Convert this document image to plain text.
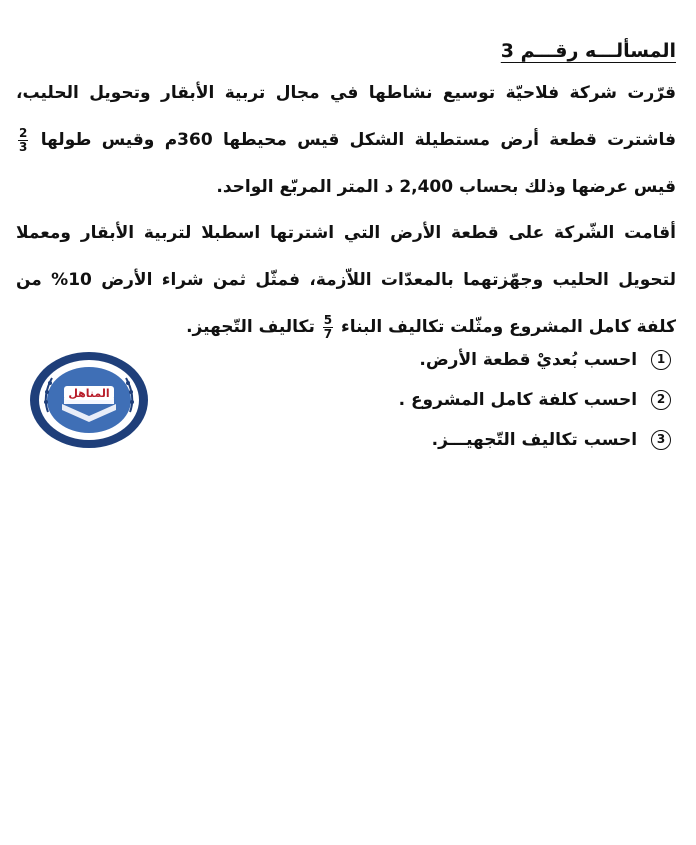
المسألـــه رقـــم 3

قرّرت شركة فلاحيّة توسيع نشاطها في مجال تربية الأبقار وتحويل الحليب، فاشترت قطعة أرض مستطيلة الشكل قيس محيطها 360م وقيس طولها
$\frac{2}{3}$
قيس عرضها وذلك بحساب 2,400 د المتر المربّع الواحد.

أقامت الشّركة على قطعة الأرض التي اشترتها اسطبلا لتربية الأبقار ومعملا لتحويل الحليب وجهّزتهما بالمعدّات اللاّزمة، فمثّل ثمن شراء الأرض 10% من كلفة كامل المشروع ومثّلت تكاليف البناء
$\frac{5}{7}$
تكاليف التّجهيز.

1 احسب بُعديْ قطعة الأرض.
2 احسب كلفة كامل المشروع .
3 احسب تكاليف التّجهيـــز.
المناهل
